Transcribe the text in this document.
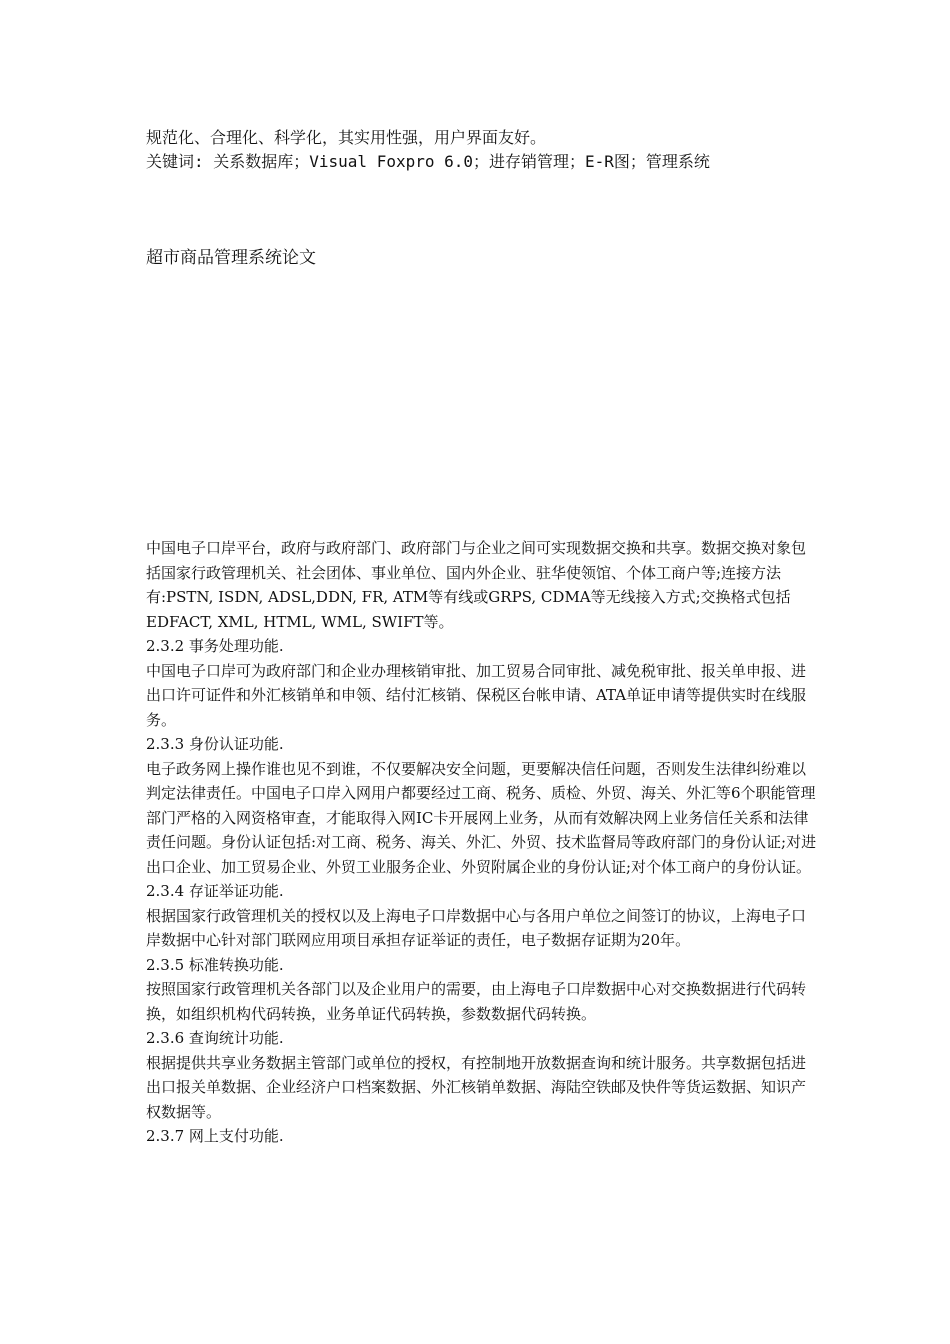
规范化、合理化、科学化，其实用性强，用户界面友好。

关键词: 关系数据库；Visual Foxpro 6.0；进存销管理；E-R图；管理系统

超市商品管理系统论文

中国电子口岸平台，政府与政府部门、政府部门与企业之间可实现数据交换和共享。数据交换对象包括国家行政管理机关、社会团体、事业单位、国内外企业、驻华使领馆、个体工商户等;连接方法有:PSTN, ISDN, ADSL,DDN, FR, ATM等有线或GRPS, CDMA等无线接入方式;交换格式包括EDFACT, XML, HTML, WML, SWIFT等。

2.3.2 事务处理功能.

中国电子口岸可为政府部门和企业办理核销审批、加工贸易合同审批、减免税审批、报关单申报、进出口许可证件和外汇核销单和申领、结付汇核销、保税区台帐申请、ATA单证申请等提供实时在线服务。

2.3.3 身份认证功能.

电子政务网上操作谁也见不到谁，不仅要解决安全问题，更要解决信任问题，否则发生法律纠纷难以判定法律责任。中国电子口岸入网用户都要经过工商、税务、质检、外贸、海关、外汇等6个职能管理部门严格的入网资格审查，才能取得入网IC卡开展网上业务，从而有效解决网上业务信任关系和法律责任问题。身份认证包括:对工商、税务、海关、外汇、外贸、技术监督局等政府部门的身份认证;对进出口企业、加工贸易企业、外贸工业服务企业、外贸附属企业的身份认证;对个体工商户的身份认证。

2.3.4 存证举证功能.

根据国家行政管理机关的授权以及上海电子口岸数据中心与各用户单位之间签订的协议，上海电子口岸数据中心针对部门联网应用项目承担存证举证的责任，电子数据存证期为20年。

2.3.5 标准转换功能.

按照国家行政管理机关各部门以及企业用户的需要，由上海电子口岸数据中心对交换数据进行代码转换，如组织机构代码转换，业务单证代码转换，参数数据代码转换。

2.3.6 查询统计功能.

根据提供共享业务数据主管部门或单位的授权，有控制地开放数据查询和统计服务。共享数据包括进出口报关单数据、企业经济户口档案数据、外汇核销单数据、海陆空铁邮及快件等货运数据、知识产权数据等。

2.3.7 网上支付功能.
